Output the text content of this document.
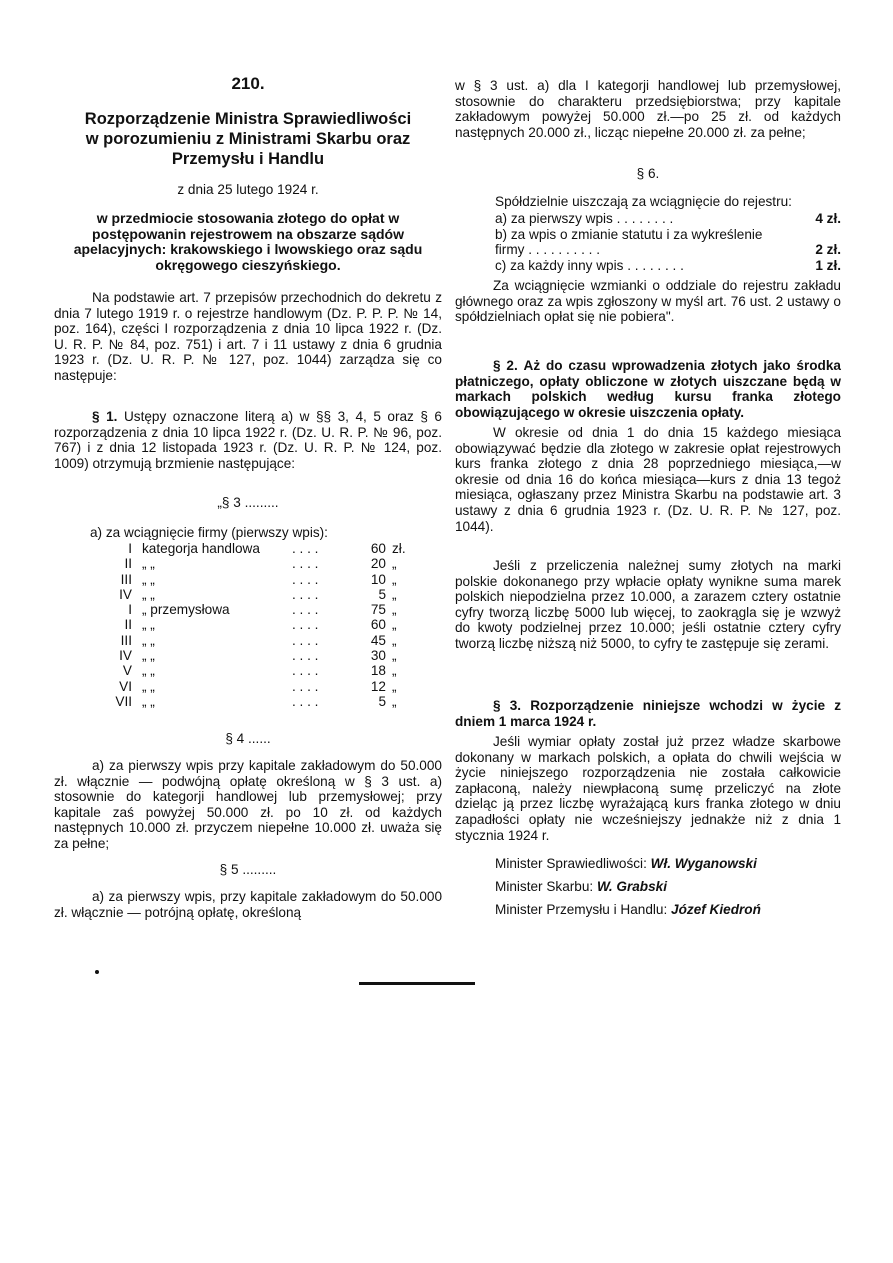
210.
Rozporządzenie Ministra Sprawiedliwości
w porozumieniu z Ministrami Skarbu oraz
Przemysłu i Handlu
z dnia 25 lutego 1924 r.
w przedmiocie stosowania złotego do opłat w postępowanin rejestrowem na obszarze sądów apelacyjnych: krakowskiego i lwowskiego oraz sądu okręgowego cieszyńskiego.

Na podstawie art. 7 przepisów przechodnich do dekretu z dnia 7 lutego 1919 r. o rejestrze handlowym (Dz. P. P. P. № 14, poz. 164), części I rozporządzenia z dnia 10 lipca 1922 r. (Dz. U. R. P. № 84, poz. 751) i art. 7 i 11 ustawy z dnia 6 grudnia 1923 r. (Dz. U. R. P. № 127, poz. 1044) zarządza się co następuje:

§ 1. Ustępy oznaczone literą a) w §§ 3, 4, 5 oraz § 6 rozporządzenia z dnia 10 lipca 1922 r. (Dz. U. R. P. № 96, poz. 767) i z dnia 12 listopada 1923 r. (Dz. U. R. P. № 124, poz. 1009) otrzymują brzmienie następujące:

„§ 3 .........

a) za wciągnięcie firmy (pierwszy wpis):

I	kategorja handlowa	. . . .	60	zł.
II	„ „	. . . .	20	„
III	„ „	. . . .	10	„
IV	„ „	. . . .	5	„
I	„ przemysłowa	. . . .	75	„
II	„ „	. . . .	60	„
III	„ „	. . . .	45	„
IV	„ „	. . . .	30	„
V	„ „	. . . .	18	„
VI	„ „	. . . .	12	„
VII	„ „	. . . .	5	„

§ 4 ......

a) za pierwszy wpis przy kapitale zakładowym do 50.000 zł. włącznie — podwójną opłatę określoną w § 3 ust. a) stosownie do kategorji handlowej lub przemysłowej; przy kapitale zaś powyżej 50.000 zł. po 10 zł. od każdych następnych 10.000 zł. przyczem niepełne 10.000 zł. uważa się za pełne;

§ 5 .........

a) za pierwszy wpis, przy kapitale zakładowym do 50.000 zł. włącznie — potrójną opłatę, określoną

w § 3 ust. a) dla I kategorji handlowej lub przemysłowej, stosownie do charakteru przedsiębiorstwa; przy kapitale zakładowym powyżej 50.000 zł.—po 25 zł. od każdych następnych 20.000 zł., licząc niepełne 20.000 zł. za pełne;

§ 6.

Spółdzielnie uiszczają za wciągnięcie do rejestru:

a) za pierwszy wpis . . . . . . . .	4 zł.
b) za wpis o zmianie statutu i za wykreślenie firmy . . . . . . . . . .	2 zł.
c) za każdy inny wpis . . . . . . . .	1 zł.

Za wciągnięcie wzmianki o oddziale do rejestru zakładu głównego oraz za wpis zgłoszony w myśl art. 76 ust. 2 ustawy o spółdzielniach opłat się nie pobiera".

§ 2. Aż do czasu wprowadzenia złotych jako środka płatniczego, opłaty obliczone w złotych uiszczane będą w markach polskich według kursu franka złotego obowiązującego w okresie uiszczenia opłaty.

W okresie od dnia 1 do dnia 15 każdego miesiąca obowiązywać będzie dla złotego w zakresie opłat rejestrowych kurs franka złotego z dnia 28 poprzedniego miesiąca,—w okresie od dnia 16 do końca miesiąca—kurs z dnia 13 tegoż miesiąca, ogłaszany przez Ministra Skarbu na podstawie art. 3 ustawy z dnia 6 grudnia 1923 r. (Dz. U. R. P. № 127, poz. 1044).

Jeśli z przeliczenia należnej sumy złotych na marki polskie dokonanego przy wpłacie opłaty wynikne suma marek polskich niepodzielna przez 10.000, a zarazem cztery ostatnie cyfry tworzą liczbę 5000 lub więcej, to zaokrągla się je wzwyż do kwoty podzielnej przez 10.000; jeśli ostatnie cztery cyfry tworzą liczbę niższą niż 5000, to cyfry te zastępuje się zerami.

§ 3. Rozporządzenie niniejsze wchodzi w życie z dniem 1 marca 1924 r.

Jeśli wymiar opłaty został już przez władze skarbowe dokonany w markach polskich, a opłata do chwili wejścia w życie niniejszego rozporządzenia nie została całkowicie zapłaconą, należy niewpłaconą sumę przeliczyć na złote dzieląc ją przez liczbę wyrażającą kurs franka złotego w dniu zapadłości opłaty nie wcześniejszy jednakże niż z dnia 1 stycznia 1924 r.

Minister Sprawiedliwości: Wł. Wyganowski

Minister Skarbu: W. Grabski

Minister Przemysłu i Handlu: Józef Kiedroń
